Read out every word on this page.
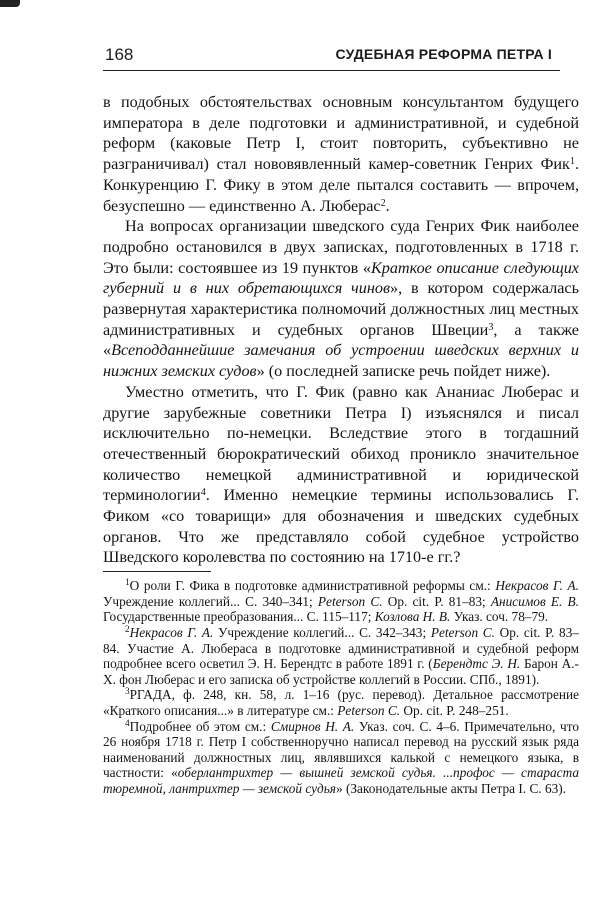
168	СУДЕБНАЯ РЕФОРМА ПЕТРА I

в подобных обстоятельствах основным консультантом будущего императора в деле подготовки и административной, и судебной реформ (каковые Петр I, стоит повторить, субъективно не разграничивал) стал нововявленный камер-советник Генрих Фик$^1$. Конкуренцию Г. Фику в этом деле пытался составить — впрочем, безуспешно — единственно А. Люберас$^2$.

На вопросах организации шведского суда Генрих Фик наиболее подробно остановился в двух записках, подготовленных в 1718 г. Это были: состоявшее из 19 пунктов «Краткое описание следующих губерний и в них обретающихся чинов», в котором содержалась развернутая характеристика полномочий должностных лиц местных административных и судебных органов Швеции$^3$, а также «Всеподданнейшие замечания об устроении шведских верхних и нижних земских судов» (о последней записке речь пойдет ниже).

Уместно отметить, что Г. Фик (равно как Ананиас Люберас и другие зарубежные советники Петра I) изъяснялся и писал исключительно по-немецки. Вследствие этого в тогдашний отечественный бюрократический обиход проникло значительное количество немецкой административной и юридической терминологии$^4$. Именно немецкие термины использовались Г. Фиком «со товарищи» для обозначения и шведских судебных органов. Что же представляло собой судебное устройство Шведского королевства по состоянию на 1710-е гг.?

$^1$О роли Г. Фика в подготовке административной реформы см.: Некрасов Г. А. Учреждение коллегий... С. 340–341; Peterson C. Op. cit. P. 81–83; Анисимов Е. В. Государственные преобразования... С. 115–117; Козлова Н. В. Указ. соч. 78–79.

$^2$Некрасов Г. А. Учреждение коллегий... С. 342–343; Peterson C. Op. cit. P. 83–84. Участие А. Любераса в подготовке административной и судебной реформ подробнее всего осветил Э. Н. Берендтс в работе 1891 г. (Берендтс Э. Н. Барон А.-Х. фон Люберас и его записка об устройстве коллегий в России. СПб., 1891).

$^3$РГАДА, ф. 248, кн. 58, л. 1–16 (рус. перевод). Детальное рассмотрение «Краткого описания...» в литературе см.: Peterson C. Op. cit. P. 248–251.

$^4$Подробнее об этом см.: Смирнов Н. А. Указ. соч. С. 4–6. Примечательно, что 26 ноября 1718 г. Петр I собственноручно написал перевод на русский язык ряда наименований должностных лиц, являвшихся калькой с немецкого языка, в частности: «оберлантрихтер — вышней земской судья. ...профос — стараста тюремной, лантрихтер — земской судья» (Законодательные акты Петра I. С. 63).
